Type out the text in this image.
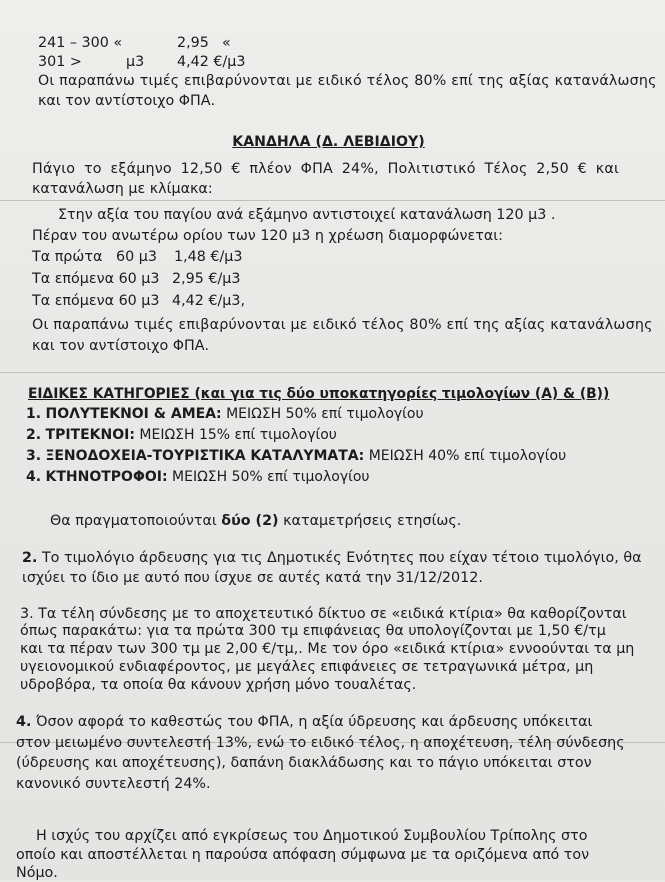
241 – 300 «	2,95 «
301 >	μ3 4,42 €/μ3
Οι παραπάνω τιμές επιβαρύνονται με ειδικό τέλος 80% επί της αξίας κατανάλωσης
και τον αντίστοιχο ΦΠΑ.
ΚΑΝΔΗΛΑ (Δ. ΛΕΒΙΔΙΟΥ)
Πάγιο το εξάμηνο 12,50 € πλέον ΦΠΑ 24%, Πολιτιστικό Τέλος 2,50 € και
κατανάλωση με κλίμακα:
Στην αξία του παγίου ανά εξάμηνο αντιστοιχεί κατανάλωση 120 μ3 .
Πέραν του ανωτέρω ορίου των 120 μ3 η χρέωση διαμορφώνεται:
Τα πρώτα   60 μ3 1,48 €/μ3
Τα επόμενα 60 μ3 2,95 €/μ3
Τα επόμενα 60 μ3 4,42 €/μ3,
Οι παραπάνω τιμές επιβαρύνονται με ειδικό τέλος 80% επί της αξίας κατανάλωσης
και τον αντίστοιχο ΦΠΑ.
ΕΙΔΙΚΕΣ ΚΑΤΗΓΟΡΙΕΣ (και για τις δύο υποκατηγορίες τιμολογίων (Α) & (Β))
1. ΠΟΛΥΤΕΚΝΟΙ & ΑΜΕΑ: ΜΕΙΩΣΗ 50% επί τιμολογίου
2. ΤΡΙΤΕΚΝΟΙ: ΜΕΙΩΣΗ 15% επί τιμολογίου
3. ΞΕΝΟΔΟΧΕΙΑ-ΤΟΥΡΙΣΤΙΚΑ ΚΑΤΑΛΥΜΑΤΑ: ΜΕΙΩΣΗ 40% επί τιμολογίου
4. ΚΤΗΝΟΤΡΟΦΟΙ: ΜΕΙΩΣΗ 50% επί τιμολογίου
Θα πραγματοποιούνται δύο (2) καταμετρήσεις ετησίως.
2. Το τιμολόγιο άρδευσης για τις Δημοτικές Ενότητες που είχαν τέτοιο τιμολόγιο, θα
ισχύει το ίδιο με αυτό που ίσχυε σε αυτές κατά την 31/12/2012.
3. Τα τέλη σύνδεσης με το αποχετευτικό δίκτυο σε «ειδικά κτίρια» θα καθορίζονται
όπως παρακάτω: για τα πρώτα 300 τμ επιφάνειας θα υπολογίζονται με 1,50 €/τμ
και τα πέραν των 300 τμ με 2,00 €/τμ,. Με τον όρο «ειδικά κτίρια» εννοούνται τα μη
υγειονομικού ενδιαφέροντος, με μεγάλες επιφάνειες σε τετραγωνικά μέτρα, μη
υδροβόρα, τα οποία θα κάνουν χρήση μόνο τουαλέτας.
4. Όσον αφορά το καθεστώς του ΦΠΑ, η αξία ύδρευσης και άρδευσης υπόκειται
στον μειωμένο συντελεστή 13%, ενώ το ειδικό τέλος, η αποχέτευση, τέλη σύνδεσης
(ύδρευσης και αποχέτευσης), δαπάνη διακλάδωσης και το πάγιο υπόκειται στον
κανονικό συντελεστή 24%.
Η ισχύς του αρχίζει από εγκρίσεως του Δημοτικού Συμβουλίου Τρίπολης στο
οποίο και αποστέλλεται η παρούσα απόφαση σύμφωνα με τα οριζόμενα από τον
Νόμο.
